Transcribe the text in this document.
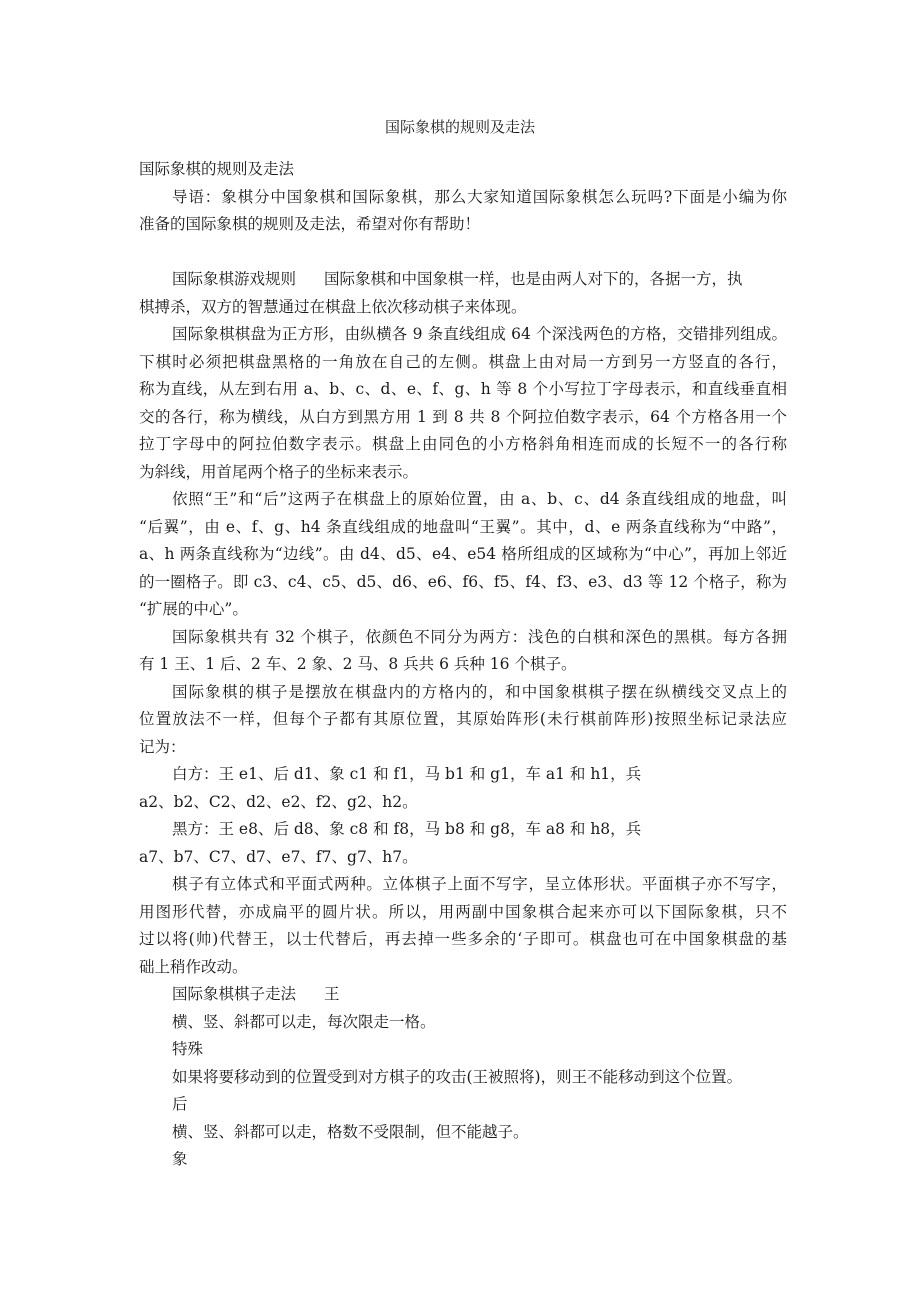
国际象棋的规则及走法
国际象棋的规则及走法
导语：象棋分中国象棋和国际象棋，那么大家知道国际象棋怎么玩吗?下面是小编为你
准备的国际象棋的规则及走法，希望对你有帮助！
国际象棋游戏规则 国际象棋和中国象棋一样，也是由两人对下的，各据一方，执
棋搏杀，双方的智慧通过在棋盘上依次移动棋子来体现。
国际象棋棋盘为正方形，由纵横各 9 条直线组成 64 个深浅两色的方格，交错排列组成。
下棋时必须把棋盘黑格的一角放在自己的左侧。棋盘上由对局一方到另一方竖直的各行，
称为直线，从左到右用 a、b、c、d、e、f、g、h 等 8 个小写拉丁字母表示，和直线垂直相
交的各行，称为横线，从白方到黑方用 1 到 8 共 8 个阿拉伯数字表示，64 个方格各用一个
拉丁字母中的阿拉伯数字表示。棋盘上由同色的小方格斜角相连而成的长短不一的各行称
为斜线，用首尾两个格子的坐标来表示。
依照“王”和“后”这两子在棋盘上的原始位置，由 a、b、c、d4 条直线组成的地盘，叫
“后翼”，由 e、f、g、h4 条直线组成的地盘叫“王翼”。其中，d、e 两条直线称为“中路”，
a、h 两条直线称为“边线”。由 d4、d5、e4、e54 格所组成的区域称为“中心”，再加上邻近
的一圈格子。即 c3、c4、c5、d5、d6、e6、f6、f5、f4、f3、e3、d3 等 12 个格子，称为
“扩展的中心”。
国际象棋共有 32 个棋子，依颜色不同分为两方：浅色的白棋和深色的黑棋。每方各拥
有 1 王、1 后、2 车、2 象、2 马、8 兵共 6 兵种 16 个棋子。
国际象棋的棋子是摆放在棋盘内的方格内的，和中国象棋棋子摆在纵横线交叉点上的
位置放法不一样，但每个子都有其原位置，其原始阵形(未行棋前阵形)按照坐标记录法应
记为：
白方：王 e1、后 d1、象 c1 和 f1，马 b1 和 g1，车 a1 和 h1，兵
a2、b2、C2、d2、e2、f2、g2、h2。
黑方：王 e8、后 d8、象 c8 和 f8，马 b8 和 g8，车 a8 和 h8，兵
a7、b7、C7、d7、e7、f7、g7、h7。
棋子有立体式和平面式两种。立体棋子上面不写字，呈立体形状。平面棋子亦不写字，
用图形代替，亦成扁平的圆片状。所以，用两副中国象棋合起来亦可以下国际象棋，只不
过以将(帅)代替王，以士代替后，再去掉一些多余的‘子即可。棋盘也可在中国象棋盘的基
础上稍作改动。
国际象棋棋子走法 王
横、竖、斜都可以走，每次限走一格。
特殊
如果将要移动到的位置受到对方棋子的攻击(王被照将)，则王不能移动到这个位置。
后
横、竖、斜都可以走，格数不受限制，但不能越子。
象
